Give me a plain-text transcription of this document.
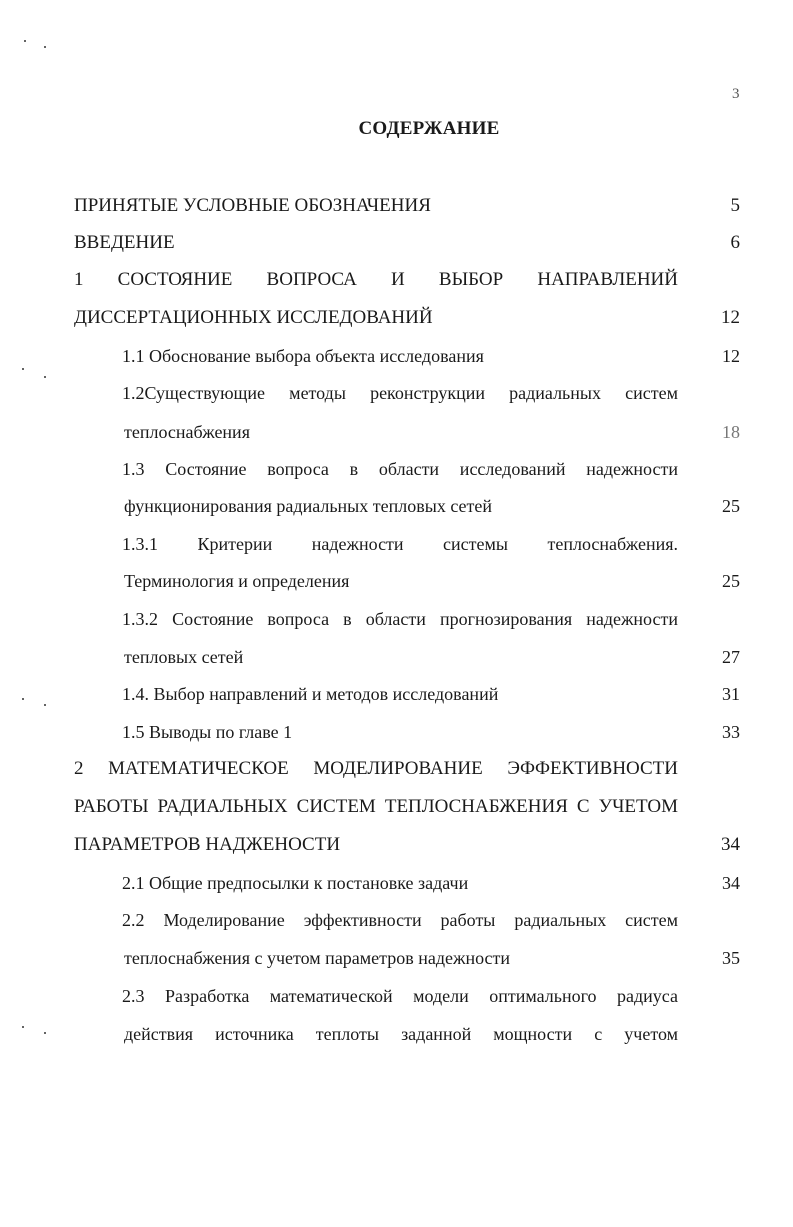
3
СОДЕРЖАНИЕ
ПРИНЯТЫЕ УСЛОВНЫЕ ОБОЗНАЧЕНИЯ	5
ВВЕДЕНИЕ	6
1 СОСТОЯНИЕ ВОПРОСА И ВЫБОР НАПРАВЛЕНИЙ
ДИССЕРТАЦИОННЫХ ИССЛЕДОВАНИЙ	12
1.1 Обоснование выбора объекта исследования	12
1.2Существующие методы реконструкции радиальных систем
теплоснабжения	18
1.3 Состояние вопроса в области исследований надежности
функционирования радиальных тепловых сетей	25
1.3.1 Критерии надежности системы теплоснабжения.
Терминология и определения	25
1.3.2 Состояние вопроса в области прогнозирования надежности
тепловых сетей	27
1.4. Выбор направлений и методов исследований	31
1.5 Выводы по главе 1	33
2 МАТЕМАТИЧЕСКОЕ МОДЕЛИРОВАНИЕ ЭФФЕКТИВНОСТИ
РАБОТЫ РАДИАЛЬНЫХ СИСТЕМ ТЕПЛОСНАБЖЕНИЯ С УЧЕТОМ
ПАРАМЕТРОВ НАДЖЕНОСТИ	34
2.1 Общие предпосылки к постановке задачи	34
2.2 Моделирование эффективности работы радиальных систем
теплоснабжения с учетом параметров надежности	35
2.3 Разработка математической модели оптимального радиуса
действия источника теплоты заданной мощности с учетом
